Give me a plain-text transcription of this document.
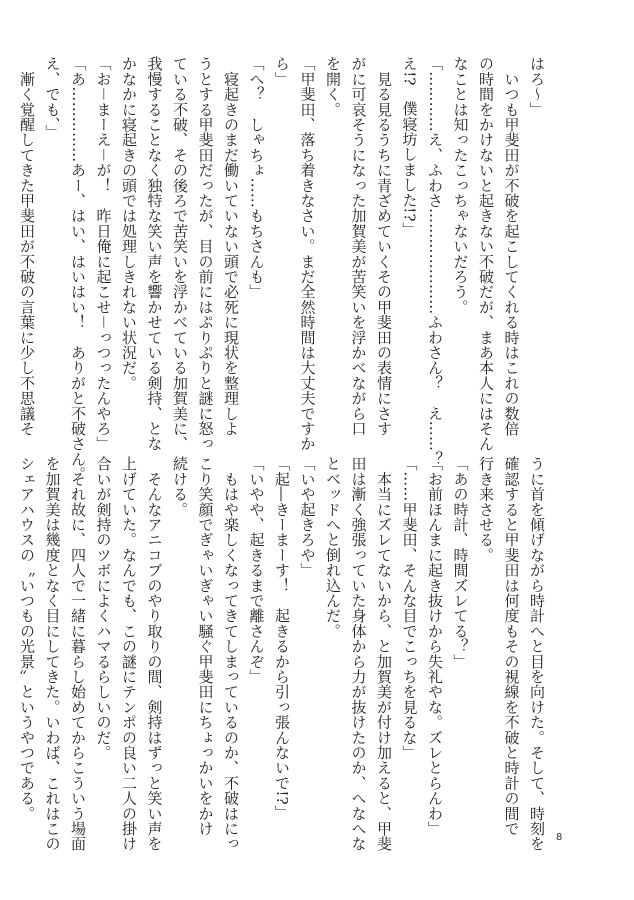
はろ〜」
　いつも甲斐田が不破を起こしてくれる時はこれの数倍
の時間をかけないと起きない不破だが、まあ本人にはそん
なことは知ったこっちゃないだろう。
「…………え、ふわさ…………………ふわさん？　え……？
え!?　僕寝坊しました!?」
　見る見るうちに青ざめていくその甲斐田の表情にさす
がに可哀そうになった加賀美が苦笑いを浮かべながら口
を開く。
「甲斐田、落ち着きなさい。まだ全然時間は大丈夫ですか
ら」
「へ？　しゃちょ……もちさんも」
　寝起きのまだ働いていない頭で必死に現状を整理しよ
うとする甲斐田だったが、目の前にはぷりぷりと謎に怒っ
ている不破、その後ろで苦笑いを浮かべている加賀美に、
我慢することなく独特な笑い声を響かせている剣持、とな
かなかに寝起きの頭では処理しきれない状況だ。
「お－まーえ－が！　昨日俺に起こせ－っつったんやろ」
「あ……………あー、はい、はいはい！　ありがと不破さん。
え、でも、」
　漸く覚醒してきた甲斐田が不破の言葉に少し不思議そ
うに首を傾げながら時計へと目を向けた。そして、時刻を
確認すると甲斐田は何度もその視線を不破と時計の間で
行き来させる。
「あの時計、時間ズレてる？」
「お前ほんまに起き抜けから失礼やな。ズレとらんわ」
「……甲斐田、そんな目でこっちを見るな」
　本当にズレてないから、と加賀美が付け加えると、甲斐
田は漸く強張っていた身体から力が抜けたのか、へなへな
とベッドへと倒れ込んだ。
「いや起きろや」
「起―きーまーす！　起きるから引っ張んないで!?」
「いやや、起きるまで離さんぞ」
　もはや楽しくなってきてしまっているのか、不破はにっ
こり笑顔でぎゃいぎゃい騒ぐ甲斐田にちょっかいをかけ
続ける。
　そんなアニコブのやり取りの間、剣持はずっと笑い声を
上げていた。なんでも、この謎にテンポの良い二人の掛け
合いが剣持のツボによくハマるらしいのだ。
　それ故に、四人で一緒に暮らし始めてからこういう場面
を加賀美は幾度となく目にしてきた。いわば、これはこの
シェアハウスの〝いつもの光景〟というやつである。
8
